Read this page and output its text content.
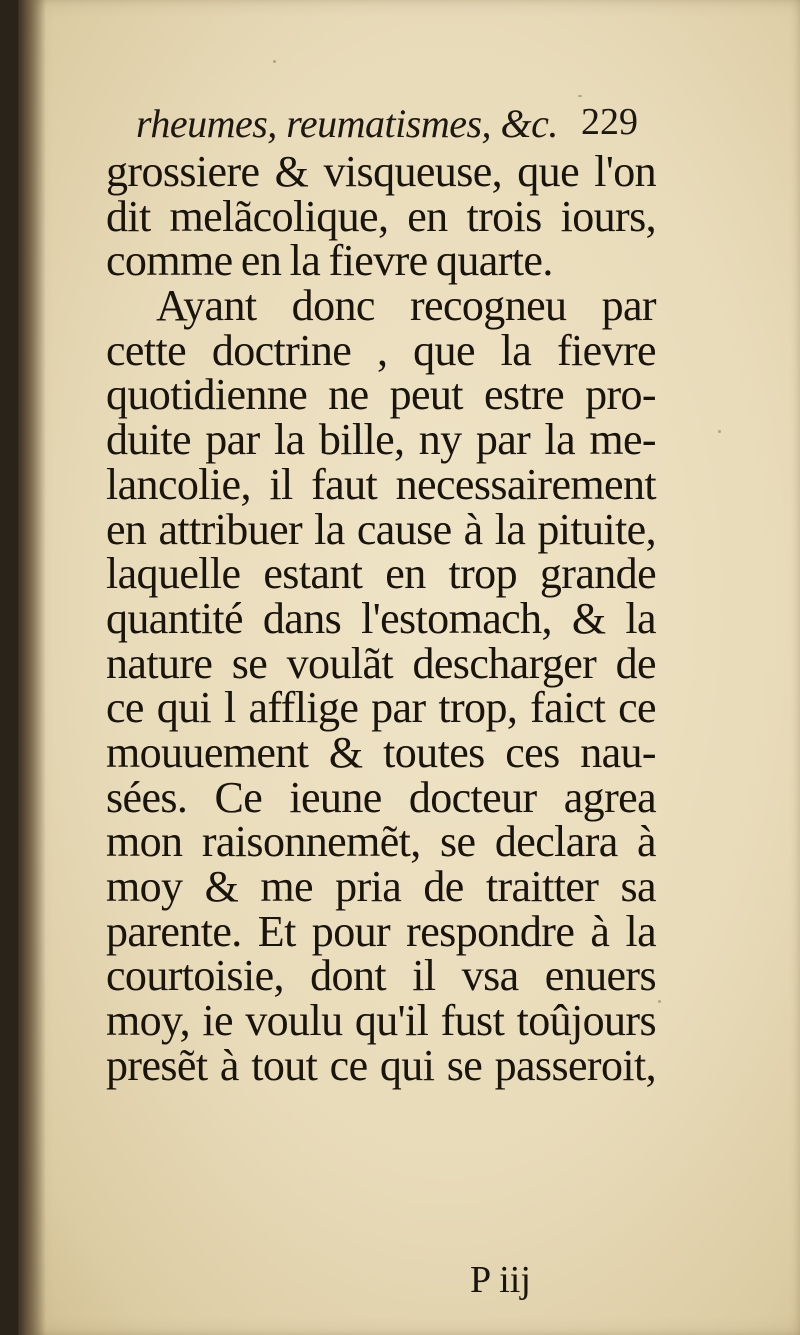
rheumes, reumatismes, &c. 229
grossiere & visqueuse, que l'on
dit melãcolique, en trois iours,
comme en la fievre quarte.
Ayant donc recogneu par
cette doctrine , que la fievre
quotidienne ne peut estre pro-
duite par la bille, ny par la me-
lancolie, il faut necessairement
en attribuer la cause à la pituite,
laquelle estant en trop grande
quantité dans l'estomach, & la
nature se voulãt descharger de
ce qui l afflige par trop, faict ce
mouuement & toutes ces nau-
sées. Ce ieune docteur agrea
mon raisonnemẽt, se declara à
moy & me pria de traitter sa
parente. Et pour respondre à la
courtoisie, dont il vsa enuers
moy, ie voulu qu'il fust toûjours
presẽt à tout ce qui se passeroit,
P iij
